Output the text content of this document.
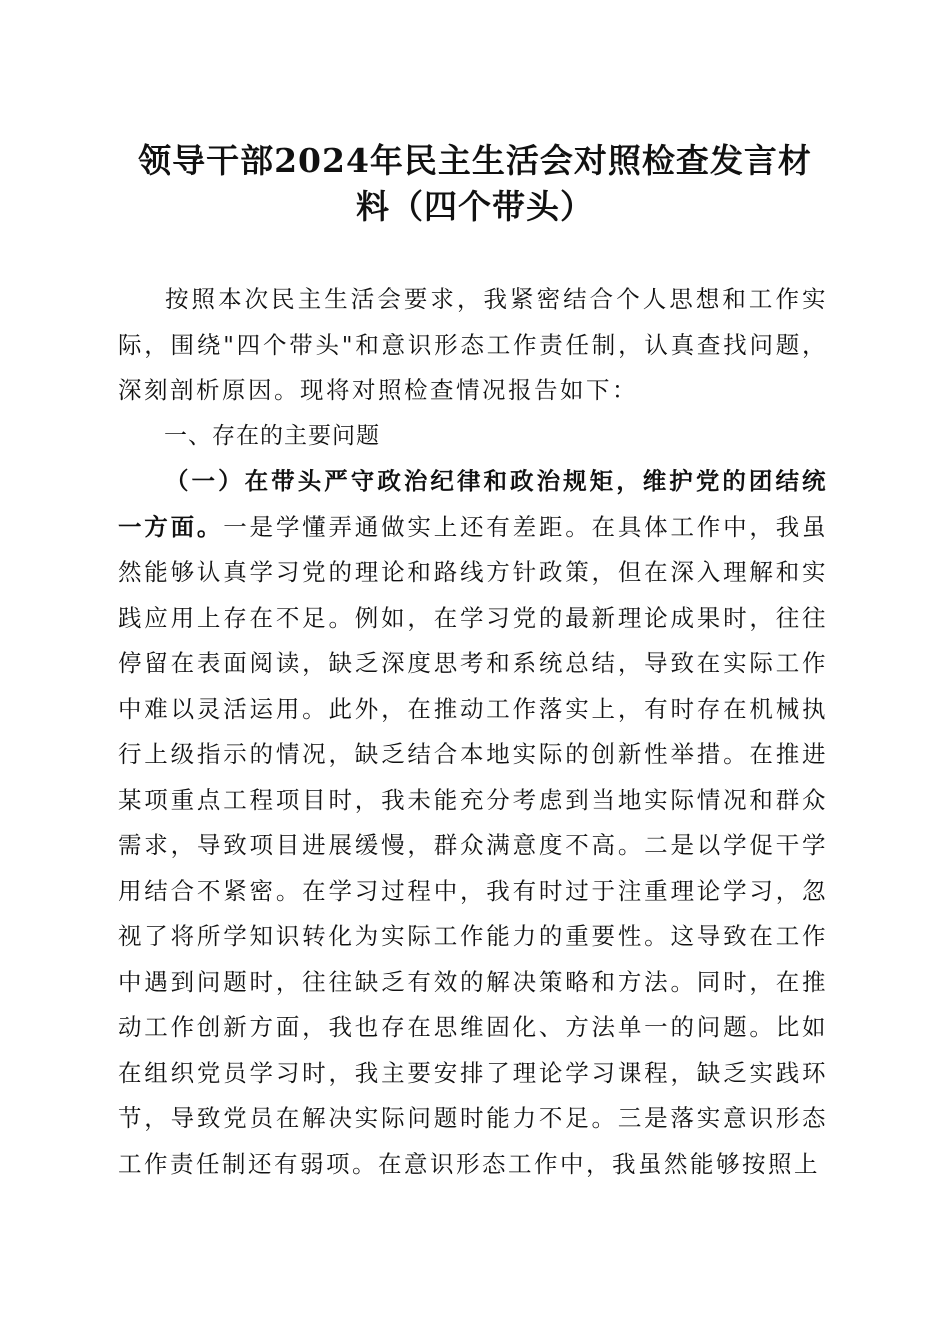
领导干部2024年民主生活会对照检查发言材
料（四个带头）

按照本次民主生活会要求，我紧密结合个人思想和工作实际，围绕"四个带头"和意识形态工作责任制，认真查找问题，深刻剖析原因。现将对照检查情况报告如下：

一、存在的主要问题

（一）在带头严守政治纪律和政治规矩，维护党的团结统一方面。一是学懂弄通做实上还有差距。在具体工作中，我虽然能够认真学习党的理论和路线方针政策，但在深入理解和实践应用上存在不足。例如，在学习党的最新理论成果时，往往停留在表面阅读，缺乏深度思考和系统总结，导致在实际工作中难以灵活运用。此外，在推动工作落实上，有时存在机械执行上级指示的情况，缺乏结合本地实际的创新性举措。在推进某项重点工程项目时，我未能充分考虑到当地实际情况和群众需求，导致项目进展缓慢，群众满意度不高。二是以学促干学用结合不紧密。在学习过程中，我有时过于注重理论学习，忽视了将所学知识转化为实际工作能力的重要性。这导致在工作中遇到问题时，往往缺乏有效的解决策略和方法。同时，在推动工作创新方面，我也存在思维固化、方法单一的问题。比如在组织党员学习时，我主要安排了理论学习课程，缺乏实践环节，导致党员在解决实际问题时能力不足。三是落实意识形态工作责任制还有弱项。在意识形态工作中，我虽然能够按照上
